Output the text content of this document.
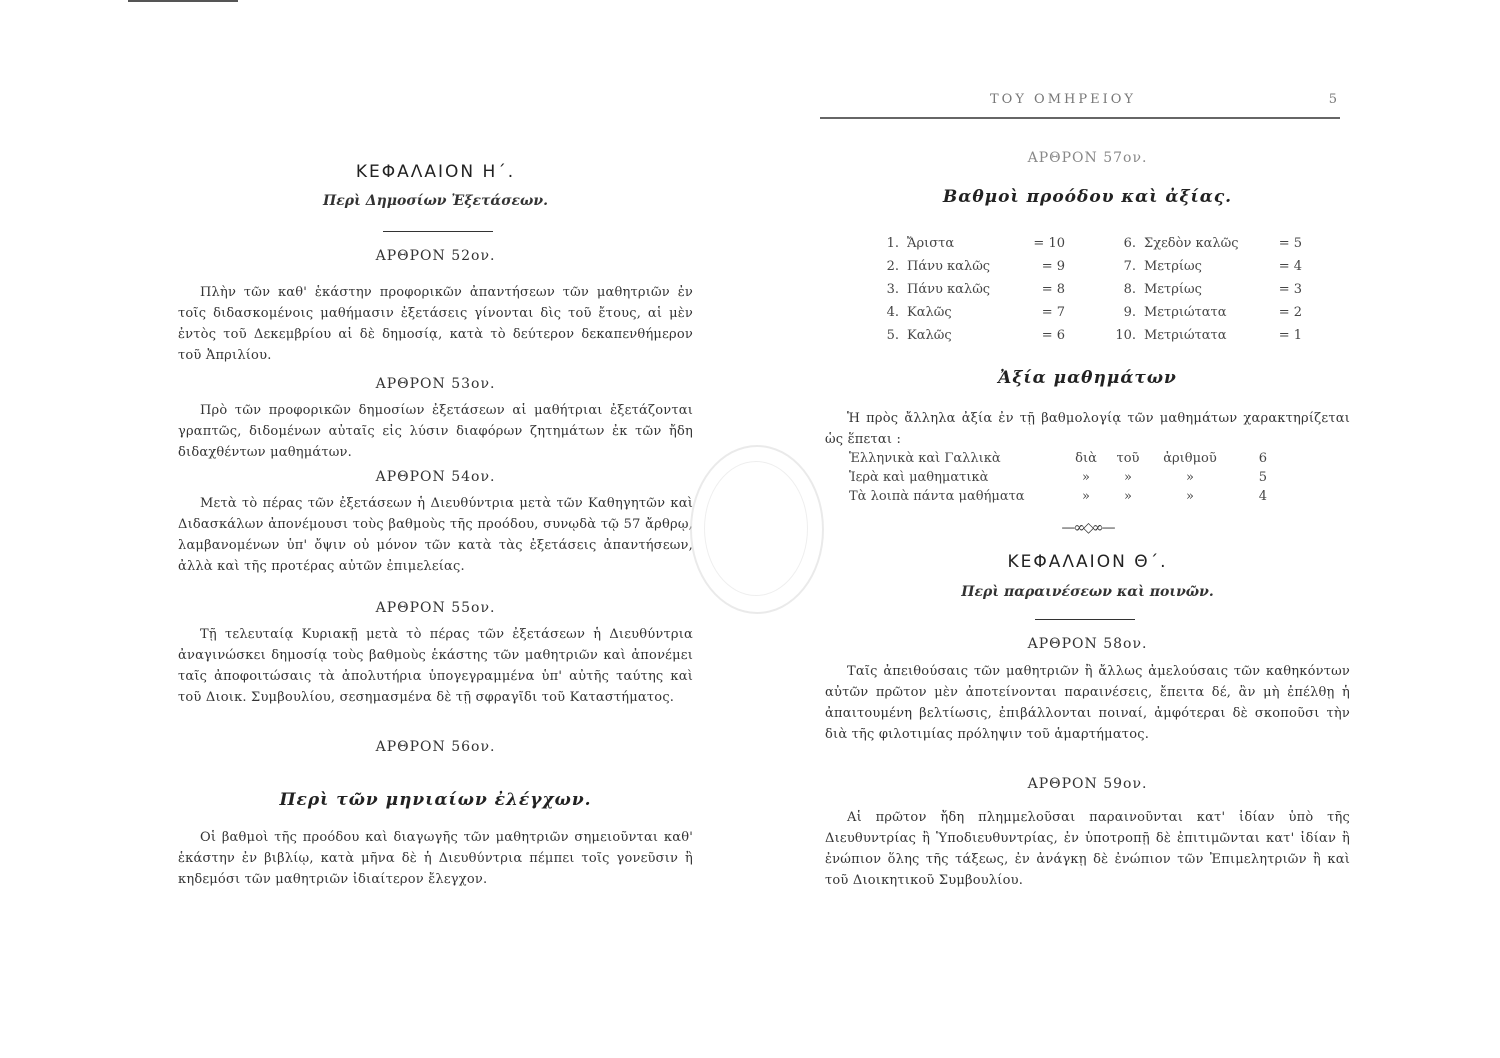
ΚΕΦΑΛΑΙΟΝ Η΄.
Περὶ Δημοσίων Ἐξετάσεων.
ΑΡΘΡΟΝ 52ον.
Πλὴν τῶν καθ' ἑκάστην προφορικῶν ἀπαντήσεων τῶν μαθητριῶν ἐν τοῖς διδασκομένοις μαθήμασιν ἐξετάσεις γίνονται δὶς τοῦ ἔτους, αἱ μὲν ἐντὸς τοῦ Δεκεμβρίου αἱ δὲ δημοσίᾳ, κατὰ τὸ δεύτερον δεκαπενθήμερον τοῦ Ἀπριλίου.
ΑΡΘΡΟΝ 53ον.
Πρὸ τῶν προφορικῶν δημοσίων ἐξετάσεων αἱ μαθήτριαι ἐξετάζονται γραπτῶς, διδομένων αὐταῖς εἰς λύσιν διαφόρων ζητημάτων ἐκ τῶν ἤδη διδαχθέντων μαθημάτων.
ΑΡΘΡΟΝ 54ον.
Μετὰ τὸ πέρας τῶν ἐξετάσεων ἡ Διευθύντρια μετὰ τῶν Καθηγητῶν καὶ Διδασκάλων ἀπονέμουσι τοὺς βαθμοὺς τῆς προόδου, συνῳδὰ τῷ 57 ἄρθρῳ, λαμβανομένων ὑπ' ὄψιν οὐ μόνον τῶν κατὰ τὰς ἐξετάσεις ἀπαντήσεων, ἀλλὰ καὶ τῆς προτέρας αὐτῶν ἐπιμελείας.
ΑΡΘΡΟΝ 55ον.
Τῇ τελευταίᾳ Κυριακῇ μετὰ τὸ πέρας τῶν ἐξετάσεων ἡ Διευθύντρια ἀναγινώσκει δημοσίᾳ τοὺς βαθμοὺς ἑκάστης τῶν μαθητριῶν καὶ ἀπονέμει ταῖς ἀποφοιτώσαις τὰ ἀπολυτήρια ὑπογεγραμμένα ὑπ' αὐτῆς ταύτης καὶ τοῦ Διοικ. Συμβουλίου, σεσημασμένα δὲ τῇ σφραγῖδι τοῦ Καταστήματος.
ΑΡΘΡΟΝ 56ον.
Περὶ τῶν μηνιαίων ἐλέγχων.
Οἱ βαθμοὶ τῆς προόδου καὶ διαγωγῆς τῶν μαθητριῶν σημειοῦνται καθ' ἑκάστην ἐν βιβλίῳ, κατὰ μῆνα δὲ ἡ Διευθύντρια πέμπει τοῖς γονεῦσιν ἢ κηδεμόσι τῶν μαθητριῶν ἰδιαίτερον ἔλεγχον.
ΤΟΥ ΟΜΗΡΕΙΟΥ	5
ΑΡΘΡΟΝ 57ον.
Βαθμοὶ προόδου καὶ ἀξίας.
1.	Ἄριστα	= 10
2.	Πάνυ καλῶς	= 9
3.	Πάνυ καλῶς	= 8
4.	Καλῶς	= 7
5.	Καλῶς	= 6
6.	Σχεδὸν καλῶς	= 5
7.	Μετρίως	= 4
8.	Μετρίως	= 3
9.	Μετριώτατα	= 2
10.	Μετριώτατα	= 1
Ἀξία μαθημάτων
Ἡ πρὸς ἄλληλα ἀξία ἐν τῇ βαθμολογίᾳ τῶν μαθημάτων χαρακτηρίζεται ὡς ἕπεται :
Ἑλληνικὰ καὶ Γαλλικὰ	διὰ	τοῦ	ἀριθμοῦ	6
Ἱερὰ καὶ μαθηματικὰ	»	»	»	5
Τὰ λοιπὰ πάντα μαθήματα	»	»	»	4
—∞◇∞—
ΚΕΦΑΛΑΙΟΝ Θ΄.
Περὶ παραινέσεων καὶ ποινῶν.
ΑΡΘΡΟΝ 58ον.
Ταῖς ἀπειθούσαις τῶν μαθητριῶν ἢ ἄλλως ἀμελούσαις τῶν καθηκόντων αὐτῶν πρῶτον μὲν ἀποτείνονται παραινέσεις, ἔπειτα δέ, ἂν μὴ ἐπέλθῃ ἡ ἀπαιτουμένη βελτίωσις, ἐπιβάλλονται ποιναί, ἀμφότεραι δὲ σκοποῦσι τὴν διὰ τῆς φιλοτιμίας πρόληψιν τοῦ ἁμαρτήματος.
ΑΡΘΡΟΝ 59ον.
Αἱ πρῶτον ἤδη πλημμελοῦσαι παραινοῦνται κατ' ἰδίαν ὑπὸ τῆς Διευθυντρίας ἢ Ὑποδιευθυντρίας, ἐν ὑποτροπῇ δὲ ἐπιτιμῶνται κατ' ἰδίαν ἢ ἐνώπιον ὅλης τῆς τάξεως, ἐν ἀνάγκῃ δὲ ἐνώπιον τῶν Ἐπιμελητριῶν ἢ καὶ τοῦ Διοικητικοῦ Συμβουλίου.
